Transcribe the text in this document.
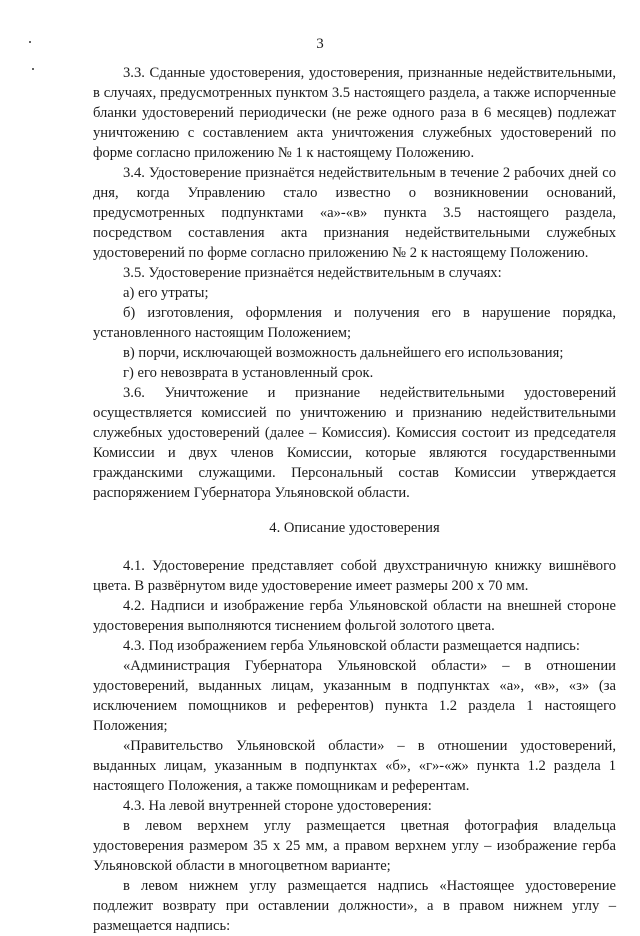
3

3.3. Сданные удостоверения, удостоверения, признанные недействительными, в случаях, предусмотренных пунктом 3.5 настоящего раздела, а также испорченные бланки удостоверений периодически (не реже одного раза в 6 месяцев) подлежат уничтожению с составлением акта уничтожения служебных удостоверений по форме согласно приложению № 1 к настоящему Положению.

3.4. Удостоверение признаётся недействительным в течение 2 рабочих дней со дня, когда Управлению стало известно о возникновении оснований, предусмотренных подпунктами «а»-«в» пункта 3.5 настоящего раздела, посредством составления акта признания недействительными служебных удостоверений по форме согласно приложению № 2 к настоящему Положению.

3.5. Удостоверение признаётся недействительным в случаях:

а) его утраты;

б) изготовления, оформления и получения его в нарушение порядка, установленного настоящим Положением;

в) порчи, исключающей возможность дальнейшего его использования;

г) его невозврата в установленный срок.

3.6. Уничтожение и признание недействительными удостоверений осуществляется комиссией по уничтожению и признанию недействительными служебных удостоверений (далее – Комиссия). Комиссия состоит из председателя Комиссии и двух членов Комиссии, которые являются государственными гражданскими служащими. Персональный состав Комиссии утверждается распоряжением Губернатора Ульяновской области.

4. Описание удостоверения

4.1. Удостоверение представляет собой двухстраничную книжку вишнёвого цвета. В развёрнутом виде удостоверение имеет размеры 200 х 70 мм.

4.2. Надписи и изображение герба Ульяновской области на внешней стороне удостоверения выполняются тиснением фольгой золотого цвета.

4.3. Под изображением герба Ульяновской области размещается надпись:

«Администрация Губернатора Ульяновской области» – в отношении удостоверений, выданных лицам, указанным в подпунктах «а», «в», «з» (за исключением помощников и референтов) пункта 1.2 раздела 1 настоящего Положения;

«Правительство Ульяновской области» – в отношении удостоверений, выданных лицам, указанным в подпунктах «б», «г»-«ж» пункта 1.2 раздела 1 настоящего Положения, а также помощникам и референтам.

4.3. На левой внутренней стороне удостоверения:

в левом верхнем углу размещается цветная фотография владельца удостоверения размером 35 х 25 мм, а правом верхнем углу – изображение герба Ульяновской области в многоцветном варианте;

в левом нижнем углу размещается надпись «Настоящее удостоверение подлежит возврату при оставлении должности», а в правом нижнем углу – размещается надпись:
